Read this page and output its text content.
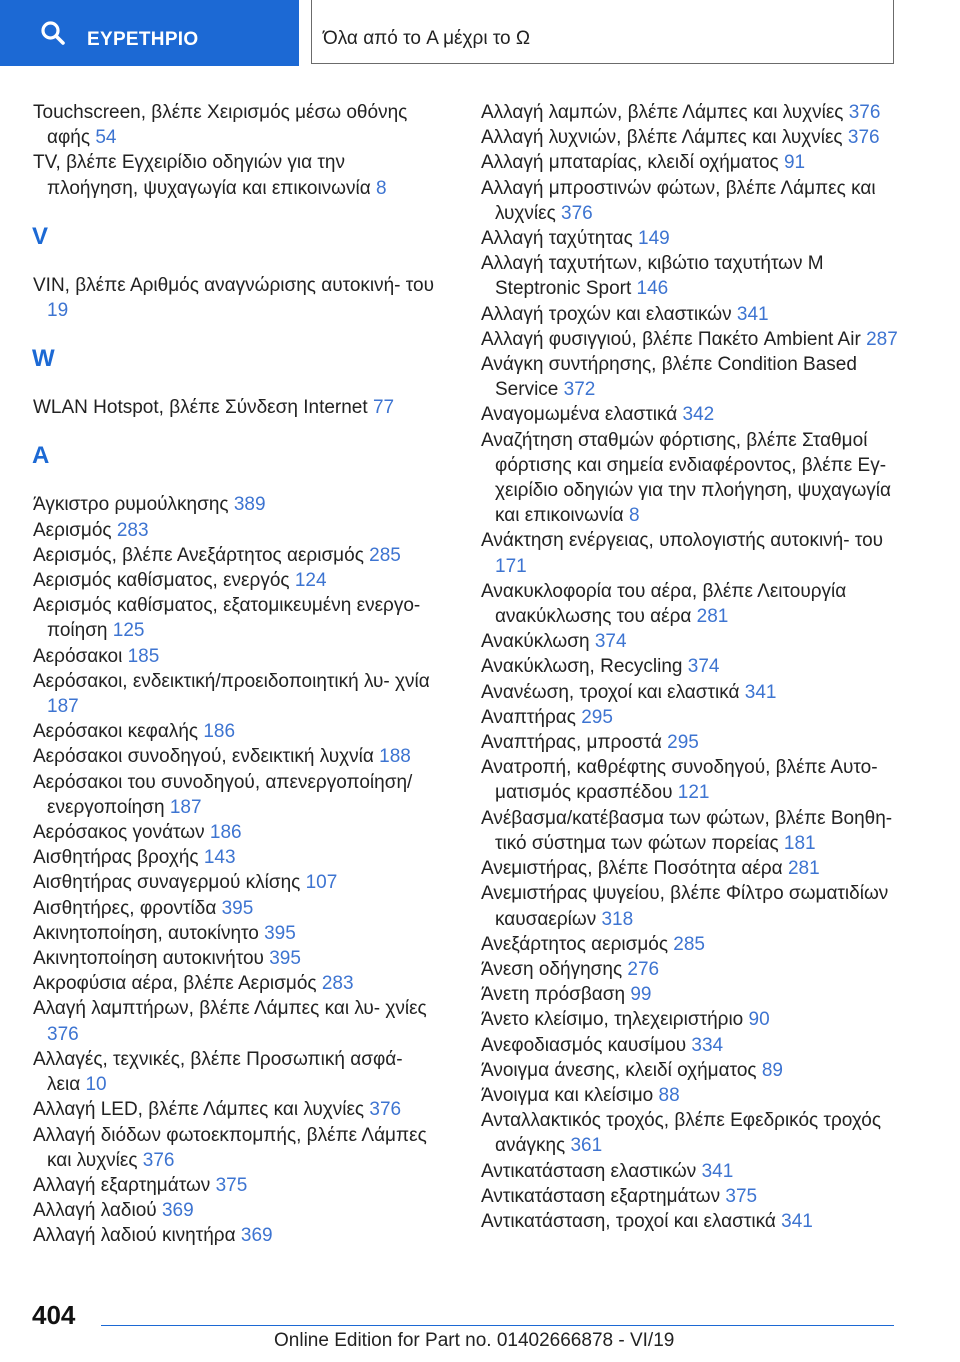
ΕΥΡΕΤΗΡΙΟ	Όλα από το A μέχρι το Ω
Touchscreen, βλέπε Χειρισμός μέσω οθόνης αφής 54
TV, βλέπε Εγχειρίδιο οδηγιών για την πλοήγηση, ψυχαγωγία και επικοινωνία 8
V
VIN, βλέπε Αριθμός αναγνώρισης αυτοκινή- του 19
W
WLAN Hotspot, βλέπε Σύνδεση Internet 77
Α
Άγκιστρο ρυμούλκησης 389
Αερισμός 283
Αερισμός, βλέπε Ανεξάρτητος αερισμός 285
Αερισμός καθίσματος, ενεργός 124
Αερισμός καθίσματος, εξατομικευμένη ενεργο- ποίηση 125
Αερόσακοι 185
Αερόσακοι, ενδεικτική/προειδοποιητική λυ- χνία 187
Αερόσακοι κεφαλής 186
Αερόσακοι συνοδηγού, ενδεικτική λυχνία 188
Αερόσακοι του συνοδηγού, απενεργοποίηση/ ενεργοποίηση 187
Αερόσακος γονάτων 186
Αισθητήρας βροχής 143
Αισθητήρας συναγερμού κλίσης 107
Αισθητήρες, φροντίδα 395
Ακινητοποίηση, αυτοκίνητο 395
Ακινητοποίηση αυτοκινήτου 395
Ακροφύσια αέρα, βλέπε Αερισμός 283
Αλαγή λαμπτήρων, βλέπε Λάμπες και λυ- χνίες 376
Αλλαγές, τεχνικές, βλέπε Προσωπική ασφά- λεια 10
Αλλαγή LED, βλέπε Λάμπες και λυχνίες 376
Αλλαγή διόδων φωτοεκπομπής, βλέπε Λάμπες και λυχνίες 376
Αλλαγή εξαρτημάτων 375
Αλλαγή λαδιού 369
Αλλαγή λαδιού κινητήρα 369
Αλλαγή λαμπών, βλέπε Λάμπες και λυχνίες 376
Αλλαγή λυχνιών, βλέπε Λάμπες και λυχνίες 376
Αλλαγή μπαταρίας, κλειδί οχήματος 91
Αλλαγή μπροστινών φώτων, βλέπε Λάμπες και λυχνίες 376
Αλλαγή ταχύτητας 149
Αλλαγή ταχυτήτων, κιβώτιο ταχυτήτων M Steptronic Sport 146
Αλλαγή τροχών και ελαστικών 341
Αλλαγή φυσιγγιού, βλέπε Πακέτο Ambient Air 287
Ανάγκη συντήρησης, βλέπε Condition Based Service 372
Αναγομωμένα ελαστικά 342
Αναζήτηση σταθμών φόρτισης, βλέπε Σταθμοί φόρτισης και σημεία ενδιαφέροντος, βλέπε Εγ- χειρίδιο οδηγιών για την πλοήγηση, ψυχαγωγία και επικοινωνία 8
Ανάκτηση ενέργειας, υπολογιστής αυτοκινή- του 171
Ανακυκλοφορία του αέρα, βλέπε Λειτουργία ανακύκλωσης του αέρα 281
Ανακύκλωση 374
Ανακύκλωση, Recycling 374
Ανανέωση, τροχοί και ελαστικά 341
Αναπτήρας 295
Αναπτήρας, μπροστά 295
Ανατροπή, καθρέφτης συνοδηγού, βλέπε Αυτο- ματισμός κρασπέδου 121
Ανέβασμα/κατέβασμα των φώτων, βλέπε Βοηθη- τικό σύστημα των φώτων πορείας 181
Ανεμιστήρας, βλέπε Ποσότητα αέρα 281
Ανεμιστήρας ψυγείου, βλέπε Φίλτρο σωματιδίων καυσαερίων 318
Ανεξάρτητος αερισμός 285
Άνεση οδήγησης 276
Άνετη πρόσβαση 99
Άνετο κλείσιμο, τηλεχειριστήριο 90
Ανεφοδιασμός καυσίμου 334
Άνοιγμα άνεσης, κλειδί οχήματος 89
Άνοιγμα και κλείσιμο 88
Ανταλλακτικός τροχός, βλέπε Εφεδρικός τροχός ανάγκης 361
Αντικατάσταση ελαστικών 341
Αντικατάσταση εξαρτημάτων 375
Αντικατάσταση, τροχοί και ελαστικά 341
404
Online Edition for Part no. 01402666878 - VI/19
